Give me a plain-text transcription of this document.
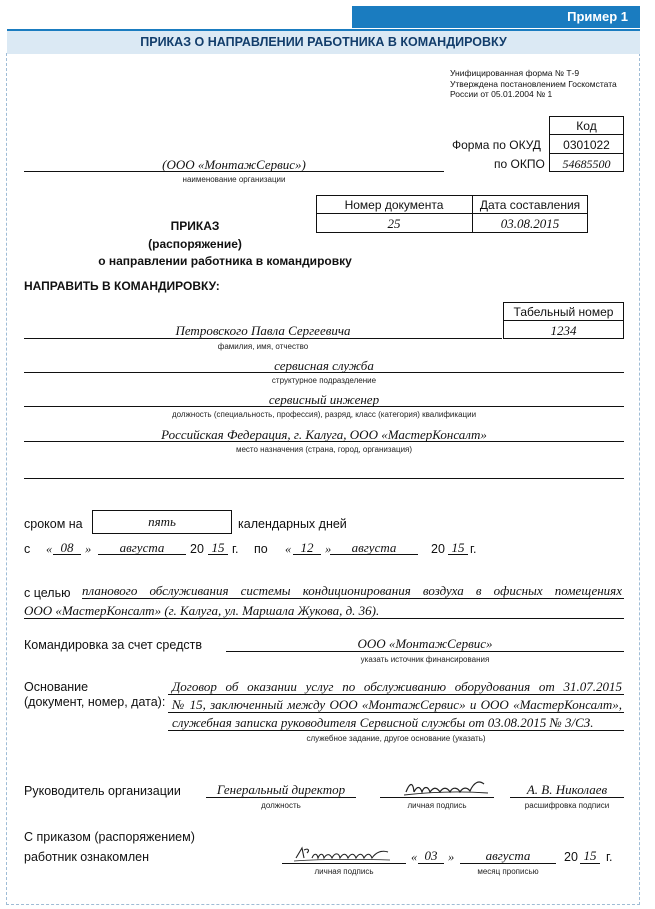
Пример 1
ПРИКАЗ О НАПРАВЛЕНИИ РАБОТНИКА В КОМАНДИРОВКУ
Унифицированная форма № Т-9
Утверждена постановлением Госкомстата
России от 05.01.2004 № 1
Код
Форма по ОКУД	0301022
по ОКПО	54685500
(ООО «МонтажСервис»)
наименование организации
Номер документа	Дата составления
25	03.08.2015
ПРИКАЗ
(распоряжение)
о направлении работника в командировку
НАПРАВИТЬ В КОМАНДИРОВКУ:
Табельный номер
1234
Петровского Павла Сергеевича
фамилия, имя, отчество
сервисная служба
структурное подразделение
сервисный инженер
должность (специальность, профессия), разряд, класс (категория) квалификации
Российская Федерация, г. Калуга, ООО «МастерКонсалт»
место назначения (страна, город, организация)
сроком на	пять	календарных дней
с « 08 »	августа	20 15 г. по « 12 »	августа	20 15 г.
с целью планового обслуживания системы кондиционирования воздуха в офисных помещениях
ООО «МастерКонсалт» (г. Калуга, ул. Маршала Жукова, д. 36).
Командировка за счет средств	ООО «МонтажСервис»
указать источник финансирования
Основание
(документ, номер, дата):
Договор об оказании услуг по обслуживанию оборудования от 31.07.2015
№ 15, заключенный между ООО «МонтажСервис» и ООО «МастерКонсалт»,
служебная записка руководителя Сервисной службы от 03.08.2015 № 3/СЗ.
служебное задание, другое основание (указать)
Руководитель организации	Генеральный директор
должность	личная подпись
А. В. Николаев
расшифровка подписи
С приказом (распоряжением)
работник ознакомлен
личная подпись
« 03 »	августа
месяц прописью
20 15 г.
